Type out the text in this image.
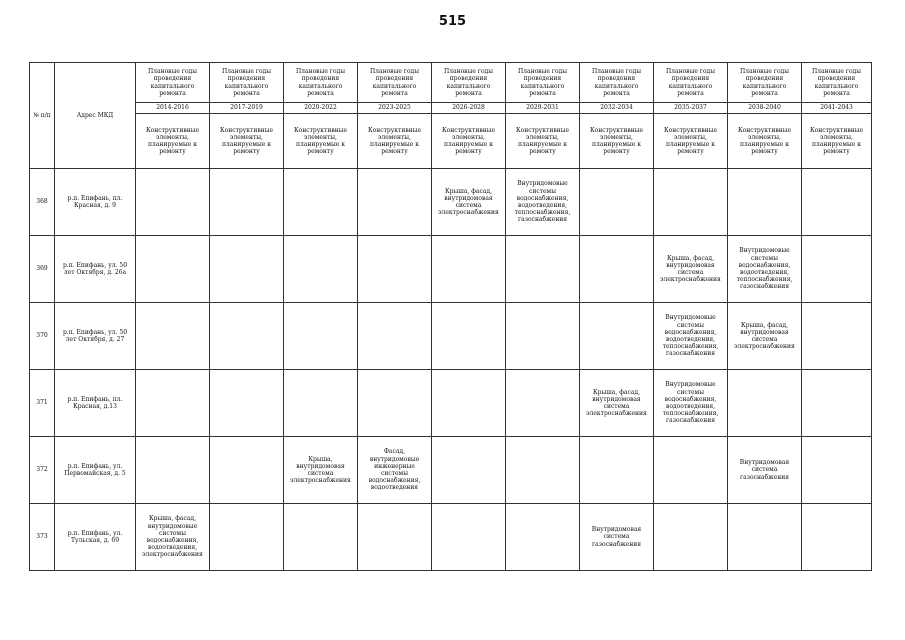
515
№ п/п	Адрес МКД	Плановые годы проведения капитального ремонта	Плановые годы проведения капитального ремонта	Плановые годы проведения капитального ремонта	Плановые годы проведения капитального ремонта	Плановые годы проведения капитального ремонта	Плановые годы проведения капитального ремонта	Плановые годы проведения капитального ремонта	Плановые годы проведения капитального ремонта	Плановые годы проведения капитального ремонта	Плановые годы проведения капитального ремонта
		2014-2016	2017-2019	2020-2022	2023-2025	2026-2028	2029-2031	2032-2034	2035-2037	2038-2040	2041-2043
		Конструктивные элементы, планируемые к ремонту	Конструктивные элементы, планируемые к ремонту	Конструктивные элементы, планируемые к ремонту	Конструктивные элементы, планируемые к ремонту	Конструктивные элементы, планируемые к ремонту	Конструктивные элементы, планируемые к ремонту	Конструктивные элементы, планируемые к ремонту	Конструктивные элементы, планируемые к ремонту	Конструктивные элементы, планируемые к ремонту	Конструктивные элементы, планируемые к ремонту
368	р.п. Епифань, пл. Красная, д. 9					Крыша, фасад, внутридомовая система электроснабжения	Внутридомовые системы водоснабжения, водоотведения, теплоснабжения, газоснабжения				
369	р.п. Епифань, ул. 50 лет Октября, д. 26а								Крыша, фасад, внутридомовая система электроснабжения	Внутридомовые системы водоснабжения, водоотведения, теплоснабжения, газоснабжения	
370	р.п. Епифань, ул. 50 лет Октября, д. 27								Внутридомовые системы водоснабжения, водоотведения, теплоснабжения, газоснабжения	Крыша, фасад, внутридомовая система электроснабжения	
371	р.п. Епифань, пл. Красная, д.13							Крыша, фасад, внутридомовая система электроснабжения	Внутридомовые системы водоснабжения, водоотведения, теплоснабжения, газоснабжения		
372	р.п. Епифань, ул. Первомайская, д. 5			Крыша, внутридомовая система электроснабжения	Фасад, внутридомовые инженерные системы водоснабжения, водоотведения					Внутридомовая система газоснабжения	
373	р.п. Епифань, ул. Тульская, д. 69	Крыша, фасад, внутридомовые системы водоснабжения, водоотведения, электроснабжения						Внутридомовая система газоснабжения			
